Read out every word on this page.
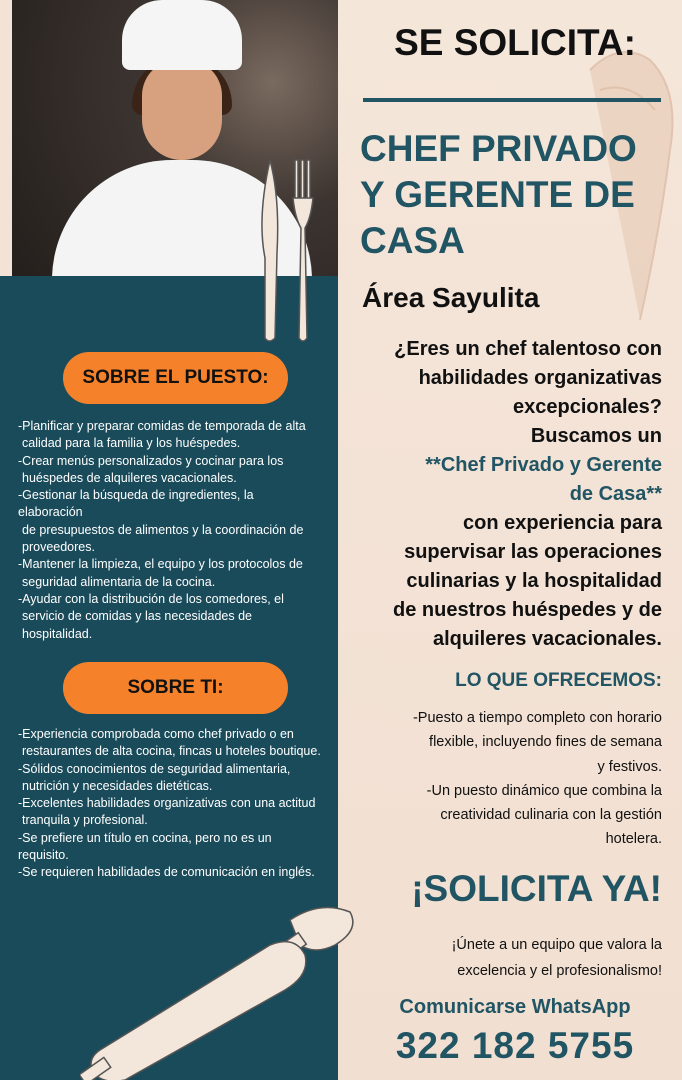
SE SOLICITA:
CHEF PRIVADO
Y GERENTE DE
CASA
Área Sayulita
¿Eres un chef talentoso con
habilidades organizativas
excepcionales?
Buscamos un
**Chef Privado y Gerente
de Casa**
con experiencia para
supervisar las operaciones
culinarias y la hospitalidad
de nuestros huéspedes y de
alquileres vacacionales.
SOBRE EL PUESTO:
-Planificar y preparar comidas de temporada de alta
calidad para la familia y los huéspedes.
-Crear menús personalizados y cocinar para los
huéspedes de alquileres vacacionales.
-Gestionar la búsqueda de ingredientes, la elaboración
de presupuestos de alimentos y la coordinación de
proveedores.
-Mantener la limpieza, el equipo y los protocolos de
seguridad alimentaria de la cocina.
-Ayudar con la distribución de los comedores, el
servicio de comidas y las necesidades de
hospitalidad.
SOBRE TI:
-Experiencia comprobada como chef privado o en
restaurantes de alta cocina, fincas u hoteles boutique.
-Sólidos conocimientos de seguridad alimentaria,
nutrición y necesidades dietéticas.
-Excelentes habilidades organizativas con una actitud
tranquila y profesional.
-Se prefiere un título en cocina, pero no es un requisito.
-Se requieren habilidades de comunicación en inglés.
LO QUE OFRECEMOS:
-Puesto a tiempo completo con horario
flexible, incluyendo fines de semana
y festivos.
-Un puesto dinámico que combina la
creatividad culinaria con la gestión
hotelera.
¡SOLICITA YA!
¡Únete a un equipo que valora la
excelencia y el profesionalismo!
Comunicarse WhatsApp
322 182 5755
